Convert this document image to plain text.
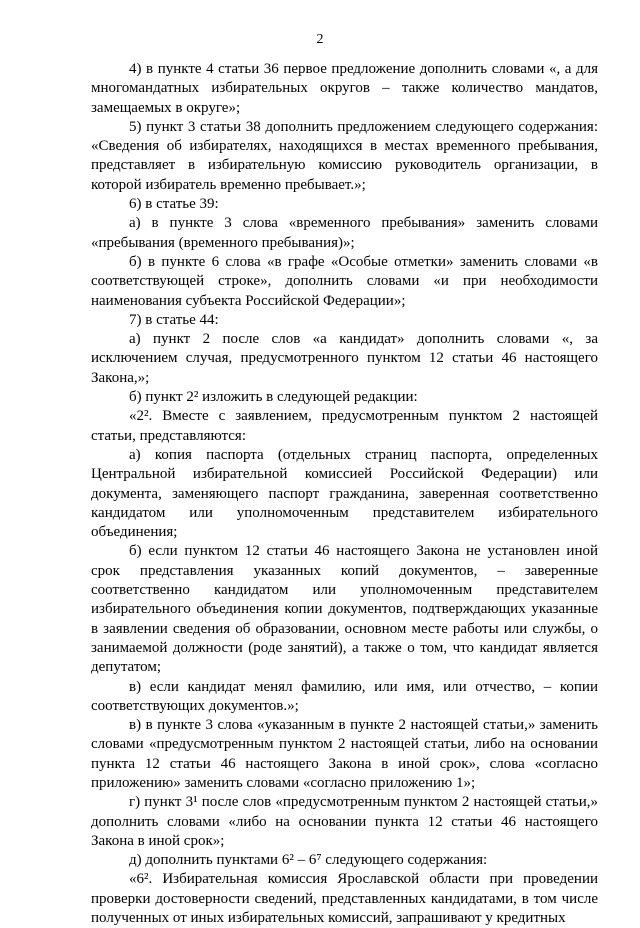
2

4) в пункте 4 статьи 36 первое предложение дополнить словами «, а для многомандатных избирательных округов – также количество мандатов, замещаемых в округе»;

5) пункт 3 статьи 38 дополнить предложением следующего содержания: «Сведения об избирателях, находящихся в местах временного пребывания, представляет в избирательную комиссию руководитель организации, в которой избиратель временно пребывает.»;

6) в статье 39:

а) в пункте 3 слова «временного пребывания» заменить словами «пребывания (временного пребывания)»;

б) в пункте 6 слова «в графе «Особые отметки» заменить словами «в соответствующей строке», дополнить словами «и при необходимости наименования субъекта Российской Федерации»;

7) в статье 44:

а) пункт 2 после слов «а кандидат» дополнить словами «, за исключением случая, предусмотренного пунктом 12 статьи 46 настоящего Закона,»;

б) пункт 2² изложить в следующей редакции:

«2². Вместе с заявлением, предусмотренным пунктом 2 настоящей статьи, представляются:

а) копия паспорта (отдельных страниц паспорта, определенных Центральной избирательной комиссией Российской Федерации) или документа, заменяющего паспорт гражданина, заверенная соответственно кандидатом или уполномоченным представителем избирательного объединения;

б) если пунктом 12 статьи 46 настоящего Закона не установлен иной срок представления указанных копий документов, – заверенные соответственно кандидатом или уполномоченным представителем избирательного объединения копии документов, подтверждающих указанные в заявлении сведения об образовании, основном месте работы или службы, о занимаемой должности (роде занятий), а также о том, что кандидат является депутатом;

в) если кандидат менял фамилию, или имя, или отчество, – копии соответствующих документов.»;

в) в пункте 3 слова «указанным в пункте 2 настоящей статьи,» заменить словами «предусмотренным пунктом 2 настоящей статьи, либо на основании пункта 12 статьи 46 настоящего Закона в иной срок», слова «согласно приложению» заменить словами «согласно приложению 1»;

г) пункт 3¹ после слов «предусмотренным пунктом 2 настоящей статьи,» дополнить словами «либо на основании пункта 12 статьи 46 настоящего Закона в иной срок»;

д) дополнить пунктами 6² – 6⁷ следующего содержания:

«6². Избирательная комиссия Ярославской области при проведении проверки достоверности сведений, представленных кандидатами, в том числе полученных от иных избирательных комиссий, запрашивают у кредитных
